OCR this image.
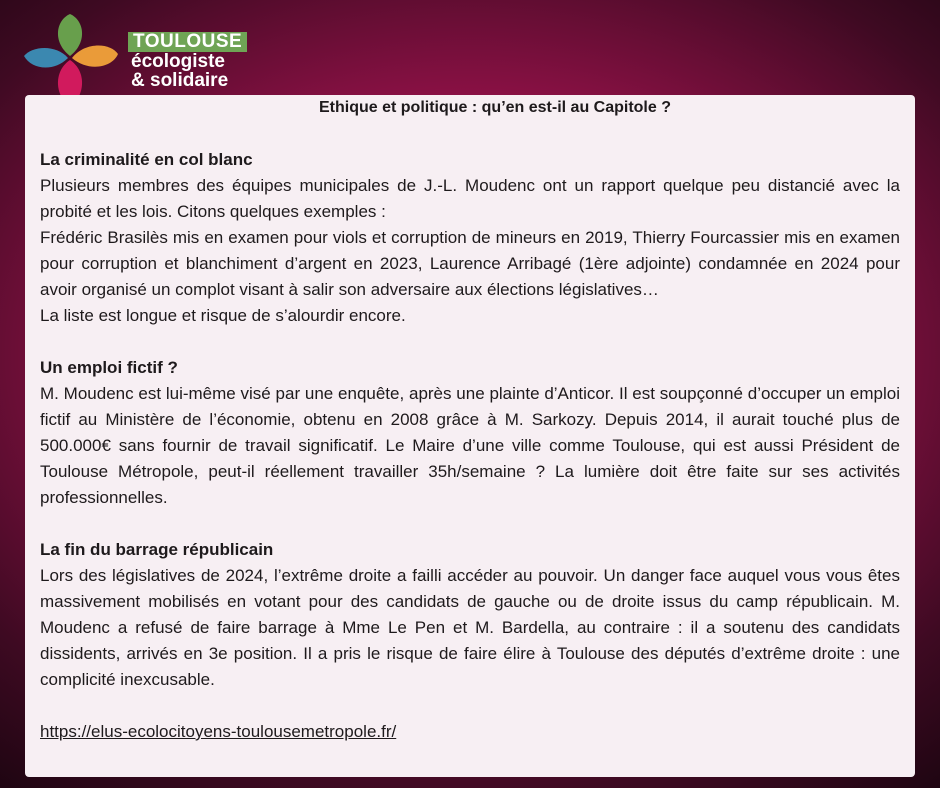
TOULOUSE
écologiste
& solidaire
Ethique et politique : qu’en est-il au Capitole ?
La criminalité en col blanc

Plusieurs membres des équipes municipales de J.-L. Moudenc ont un rapport quelque peu distancié avec la probité et les lois. Citons quelques exemples :

Frédéric Brasilès mis en examen pour viols et corruption de mineurs en 2019, Thierry Fourcassier mis en examen pour corruption et blanchiment d’argent en 2023, Laurence Arribagé (1ère adjointe) condamnée en 2024 pour avoir organisé un complot visant à salir son adversaire aux élections législatives…

La liste est longue et risque de s’alourdir encore.

Un emploi fictif ?

M. Moudenc est lui-même visé par une enquête, après une plainte d’Anticor. Il est soupçonné d’occuper un emploi fictif au Ministère de l’économie, obtenu en 2008 grâce à M. Sarkozy. Depuis 2014, il aurait touché plus de 500.000€ sans fournir de travail significatif. Le Maire d’une ville comme Toulouse, qui est aussi Président de Toulouse Métropole, peut-il réellement travailler 35h/semaine ? La lumière doit être faite sur ses activités professionnelles.

La fin du barrage républicain

Lors des législatives de 2024, l’extrême droite a failli accéder au pouvoir. Un danger face auquel vous vous êtes massivement mobilisés en votant pour des candidats de gauche ou de droite issus du camp républicain. M. Moudenc a refusé de faire barrage à Mme Le Pen et M. Bardella, au contraire : il a soutenu des candidats dissidents, arrivés en 3e position. Il a pris le risque de faire élire à Toulouse des députés d’extrême droite : une complicité inexcusable.

https://elus-ecolocitoyens-toulousemetropole.fr/
